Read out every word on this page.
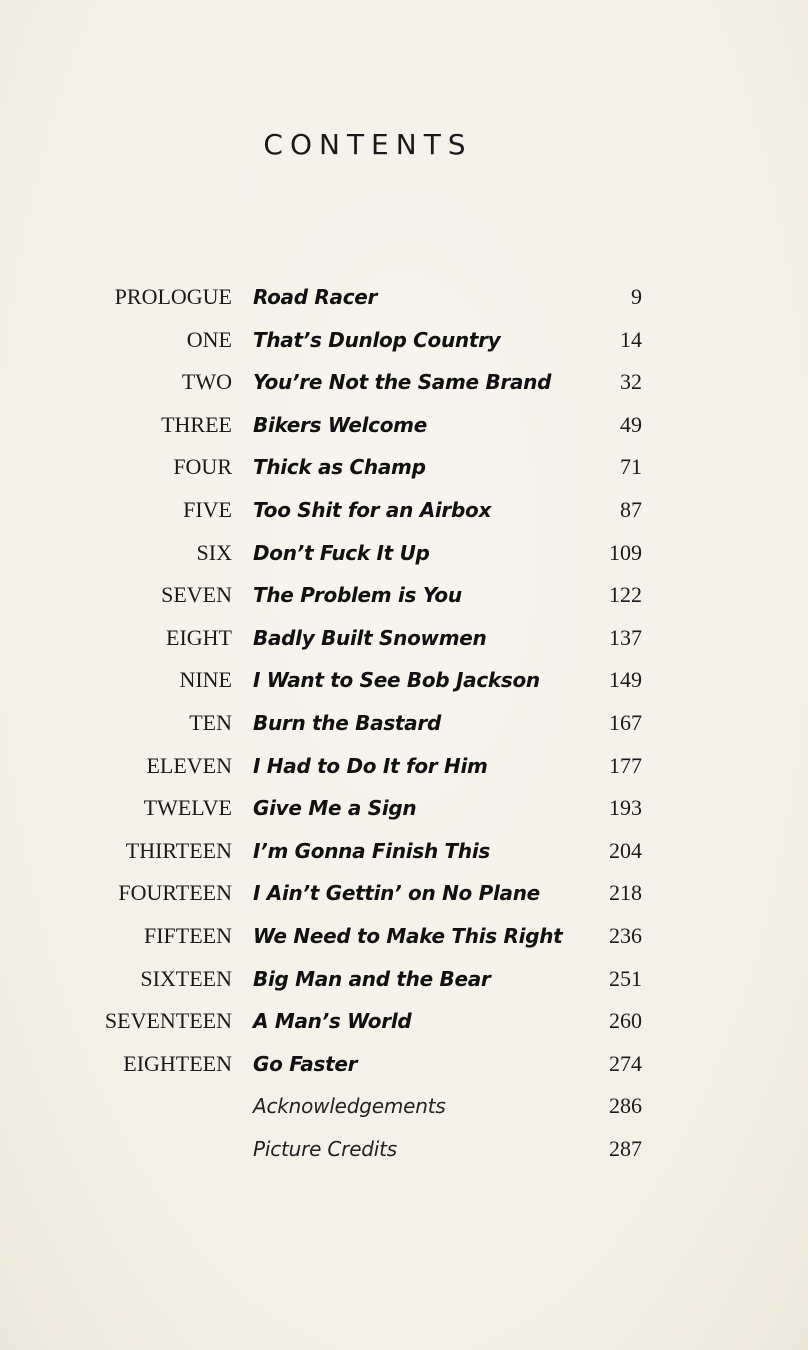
CONTENTS
PROLOGUE Road Racer	9
ONE That’s Dunlop Country	14
TWO You’re Not the Same Brand	32
THREE Bikers Welcome	49
FOUR Thick as Champ	71
FIVE Too Shit for an Airbox	87
SIX Don’t Fuck It Up	109
SEVEN The Problem is You	122
EIGHT Badly Built Snowmen	137
NINE I Want to See Bob Jackson	149
TEN Burn the Bastard	167
ELEVEN I Had to Do It for Him	177
TWELVE Give Me a Sign	193
THIRTEEN I’m Gonna Finish This	204
FOURTEEN I Ain’t Gettin’ on No Plane	218
FIFTEEN We Need to Make This Right 236
SIXTEEN Big Man and the Bear	251
SEVENTEEN A Man’s World	260
EIGHTEEN Go Faster	274
Acknowledgements	286
Picture Credits	287
